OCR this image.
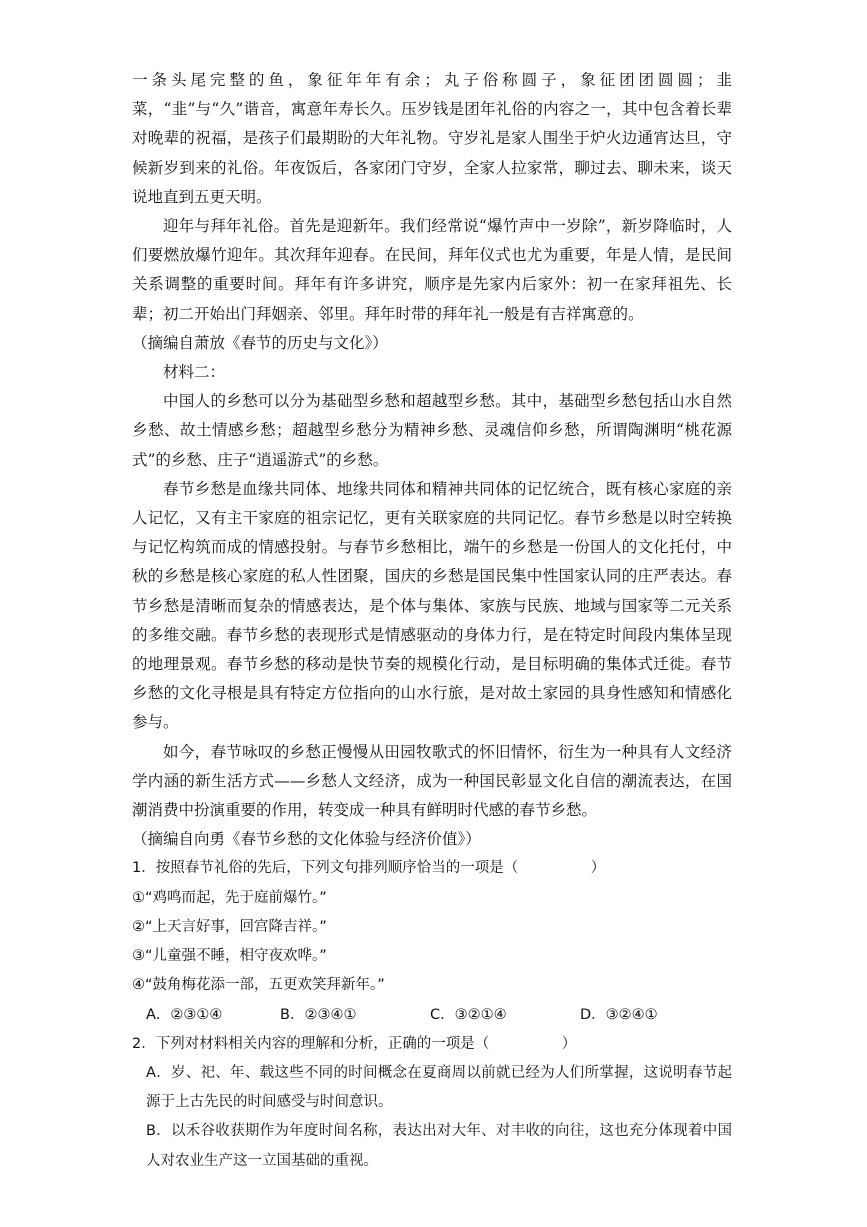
一条头尾完整的鱼，象征年年有余；丸子俗称圆子，象征团团圆圆；韭菜，“韭”与“久”谐音，寓意年寿长久。压岁钱是团年礼俗的内容之一，其中包含着长辈对晚辈的祝福，是孩子们最期盼的大年礼物。守岁礼是家人围坐于炉火边通宵达旦，守候新岁到来的礼俗。年夜饭后，各家闭门守岁，全家人拉家常，聊过去、聊未来，谈天说地直到五更天明。

迎年与拜年礼俗。首先是迎新年。我们经常说“爆竹声中一岁除”，新岁降临时，人们要燃放爆竹迎年。其次拜年迎春。在民间，拜年仪式也尤为重要，年是人情，是民间关系调整的重要时间。拜年有许多讲究，顺序是先家内后家外：初一在家拜祖先、长辈；初二开始出门拜姻亲、邻里。拜年时带的拜年礼一般是有吉祥寓意的。

（摘编自萧放《春节的历史与文化》）

材料二：

中国人的乡愁可以分为基础型乡愁和超越型乡愁。其中，基础型乡愁包括山水自然乡愁、故土情感乡愁；超越型乡愁分为精神乡愁、灵魂信仰乡愁，所谓陶渊明“桃花源式”的乡愁、庄子“逍遥游式”的乡愁。

春节乡愁是血缘共同体、地缘共同体和精神共同体的记忆统合，既有核心家庭的亲人记忆，又有主干家庭的祖宗记忆，更有关联家庭的共同记忆。春节乡愁是以时空转换与记忆构筑而成的情感投射。与春节乡愁相比，端午的乡愁是一份国人的文化托付，中秋的乡愁是核心家庭的私人性团聚，国庆的乡愁是国民集中性国家认同的庄严表达。春节乡愁是清晰而复杂的情感表达，是个体与集体、家族与民族、地域与国家等二元关系的多维交融。春节乡愁的表现形式是情感驱动的身体力行，是在特定时间段内集体呈现的地理景观。春节乡愁的移动是快节奏的规模化行动，是目标明确的集体式迁徙。春节乡愁的文化寻根是具有特定方位指向的山水行旅，是对故土家园的具身性感知和情感化参与。

如今，春节咏叹的乡愁正慢慢从田园牧歌式的怀旧情怀，衍生为一种具有人文经济学内涵的新生活方式——乡愁人文经济，成为一种国民彰显文化自信的潮流表达，在国潮消费中扮演重要的作用，转变成一种具有鲜明时代感的春节乡愁。

（摘编自向勇《春节乡愁的文化体验与经济价值》）

1．按照春节礼俗的先后，下列文句排列顺序恰当的一项是（　　　　　）

①“鸡鸣而起，先于庭前爆竹。”

②“上天言好事，回宫降吉祥。”

③“儿童强不睡，相守夜欢哗。”

④“鼓角梅花添一部，五更欢笑拜新年。”

A．②③①④	B．②③④①	C．③②①④	D．③②④①

2．下列对材料相关内容的理解和分析，正确的一项是（　　　　　）

A．岁、祀、年、载这些不同的时间概念在夏商周以前就已经为人们所掌握，这说明春节起源于上古先民的时间感受与时间意识。

B．以禾谷收获期作为年度时间名称，表达出对大年、对丰收的向往，这也充分体现着中国人对农业生产这一立国基础的重视。
